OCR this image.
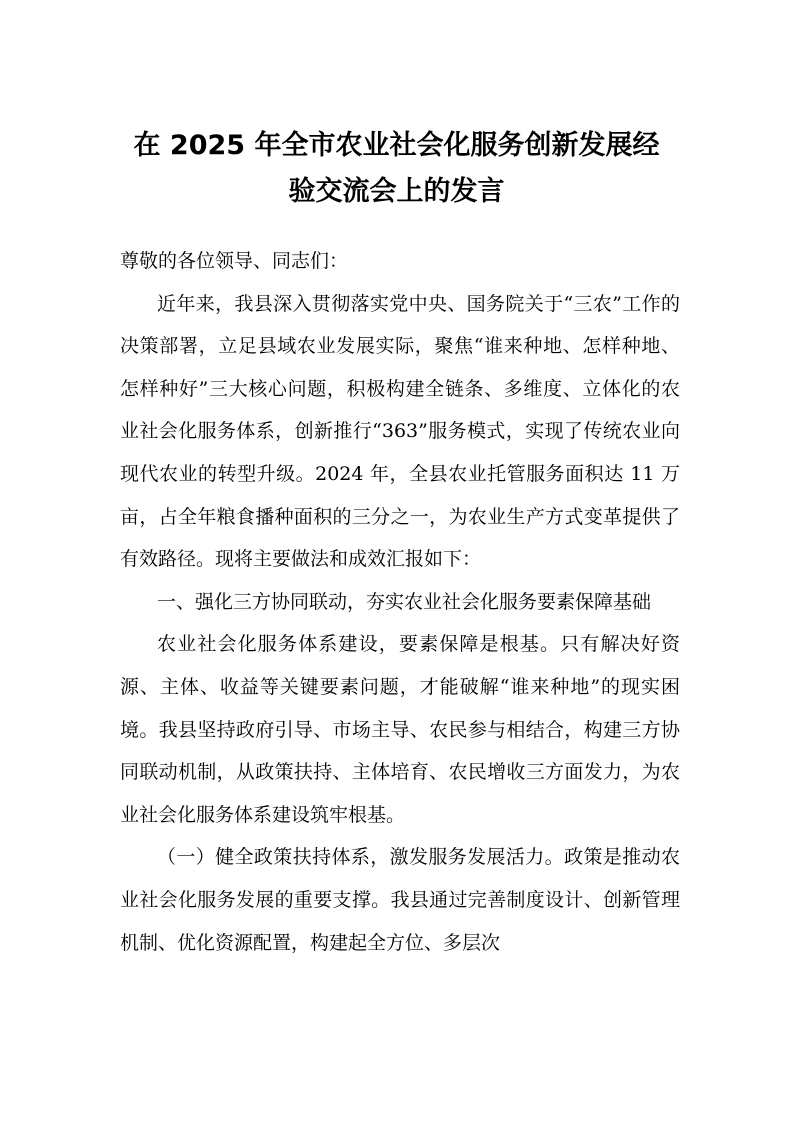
在 2025 年全市农业社会化服务创新发展经
验交流会上的发言

尊敬的各位领导、同志们：

近年来，我县深入贯彻落实党中央、国务院关于“三农”工作的决策部署，立足县域农业发展实际，聚焦“谁来种地、怎样种地、怎样种好”三大核心问题，积极构建全链条、多维度、立体化的农业社会化服务体系，创新推行“363”服务模式，实现了传统农业向现代农业的转型升级。2024 年，全县农业托管服务面积达 11 万亩，占全年粮食播种面积的三分之一，为农业生产方式变革提供了有效路径。现将主要做法和成效汇报如下：

一、强化三方协同联动，夯实农业社会化服务要素保障基础

农业社会化服务体系建设，要素保障是根基。只有解决好资源、主体、收益等关键要素问题，才能破解“谁来种地”的现实困境。我县坚持政府引导、市场主导、农民参与相结合，构建三方协同联动机制，从政策扶持、主体培育、农民增收三方面发力，为农业社会化服务体系建设筑牢根基。

（一）健全政策扶持体系，激发服务发展活力。政策是推动农业社会化服务发展的重要支撑。我县通过完善制度设计、创新管理机制、优化资源配置，构建起全方位、多层次
